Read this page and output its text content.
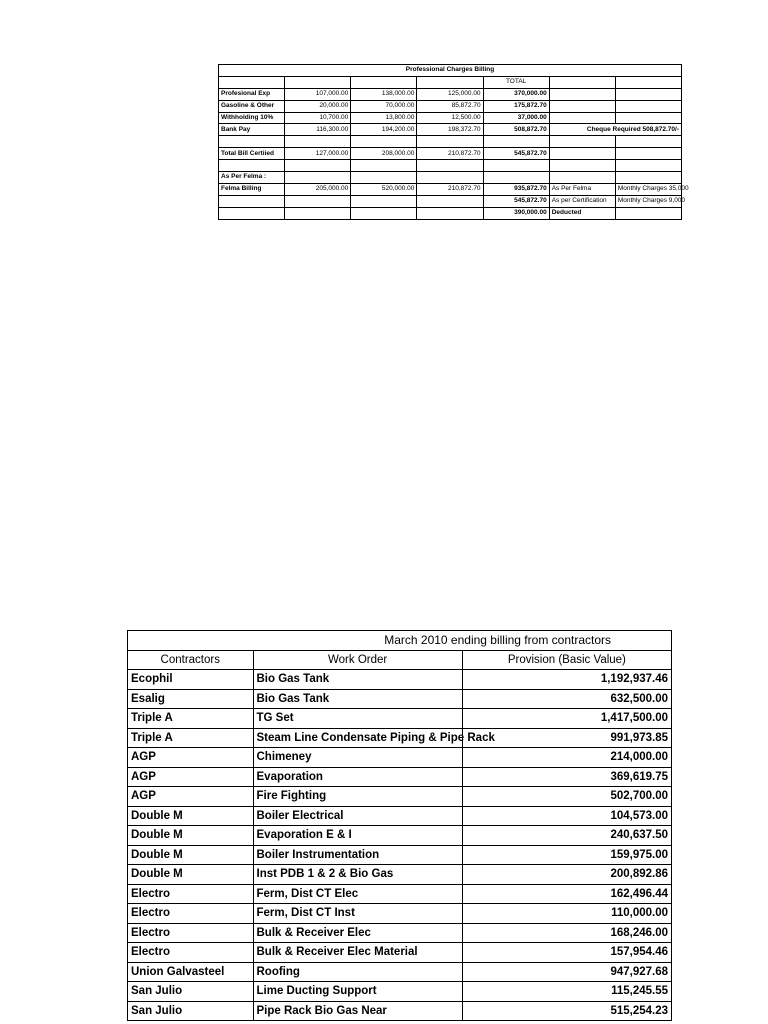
Professional Charges Billing						
				TOTAL		
Profesional Exp	107,000.00	138,000.00	125,000.00	370,000.00		
Gasoline & Other	20,000.00	70,000.00	85,872.70	175,872.70		
Withholding 10%	10,700.00	13,800.00	12,500.00	37,000.00		
Bank Pay	116,300.00	194,200.00	198,372.70	508,872.70	Cheque Required 508,872.70/-	

Total Bill Certiied	127,000.00	208,000.00	210,872.70	545,872.70		

As Per Felma :						
Felma Billing	205,000.00	520,000.00	210,872.70	935,872.70	As Per Felma	Monthly Charges 35,000
				545,872.70	As per Certification	Monthly Charges 9,000
				390,000.00	Deducted	
	March 2010 ending billing from contractors	
Contractors	Work Order	Provision (Basic Value)
Ecophil	Bio Gas Tank	1,192,937.46
Esalig	Bio Gas Tank	632,500.00
Triple A	TG Set	1,417,500.00
Triple A	Steam Line Condensate Piping & Pipe Rack	991,973.85
AGP	Chimeney	214,000.00
AGP	Evaporation	369,619.75
AGP	Fire Fighting	502,700.00
Double M	Boiler Electrical	104,573.00
Double M	Evaporation E & I	240,637.50
Double M	Boiler Instrumentation	159,975.00
Double M	Inst PDB 1 & 2 & Bio Gas	200,892.86
Electro	Ferm, Dist CT Elec	162,496.44
Electro	Ferm, Dist CT Inst	110,000.00
Electro	Bulk & Receiver Elec	168,246.00
Electro	Bulk & Receiver Elec Material	157,954.46
Union Galvasteel	Roofing	947,927.68
San Julio	Lime Ducting Support	115,245.55
San Julio	Pipe Rack Bio Gas Near	515,254.23
